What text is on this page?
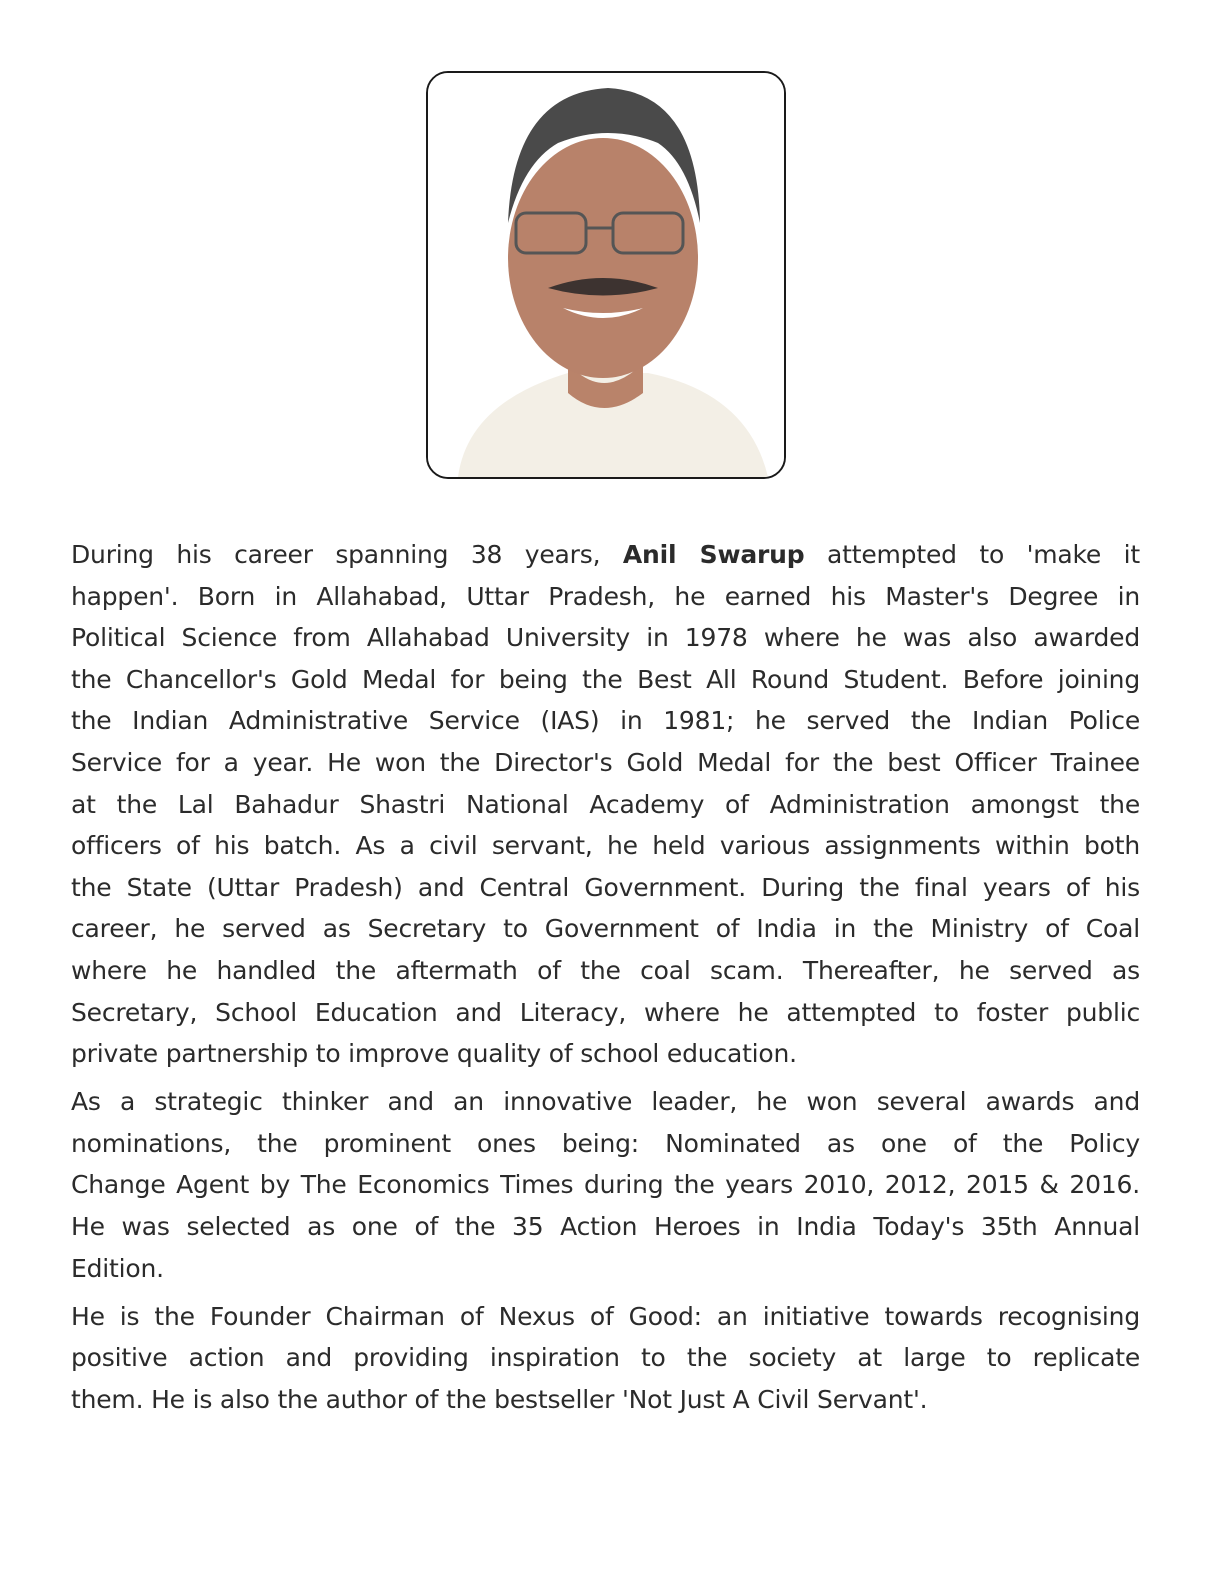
During his career spanning 38 years, Anil Swarup attempted to 'make it
happen'. Born in Allahabad, Uttar Pradesh, he earned his Master's Degree in
Political Science from Allahabad University in 1978 where he was also awarded
the Chancellor's Gold Medal for being the Best All Round Student. Before joining
the Indian Administrative Service (IAS) in 1981; he served the Indian Police
Service for a year. He won the Director's Gold Medal for the best Officer Trainee
at the Lal Bahadur Shastri National Academy of Administration amongst the
officers of his batch. As a civil servant, he held various assignments within both
the State (Uttar Pradesh) and Central Government. During the final years of his
career, he served as Secretary to Government of India in the Ministry of Coal
where he handled the aftermath of the coal scam. Thereafter, he served as
Secretary, School Education and Literacy, where he attempted to foster public
private partnership to improve quality of school education.
As a strategic thinker and an innovative leader, he won several awards and
nominations, the prominent ones being: Nominated as one of the Policy
Change Agent by The Economics Times during the years 2010, 2012, 2015 & 2016.
He was selected as one of the 35 Action Heroes in India Today's 35th Annual
Edition.
He is the Founder Chairman of Nexus of Good: an initiative towards recognising
positive action and providing inspiration to the society at large to replicate
them. He is also the author of the bestseller 'Not Just A Civil Servant'.
